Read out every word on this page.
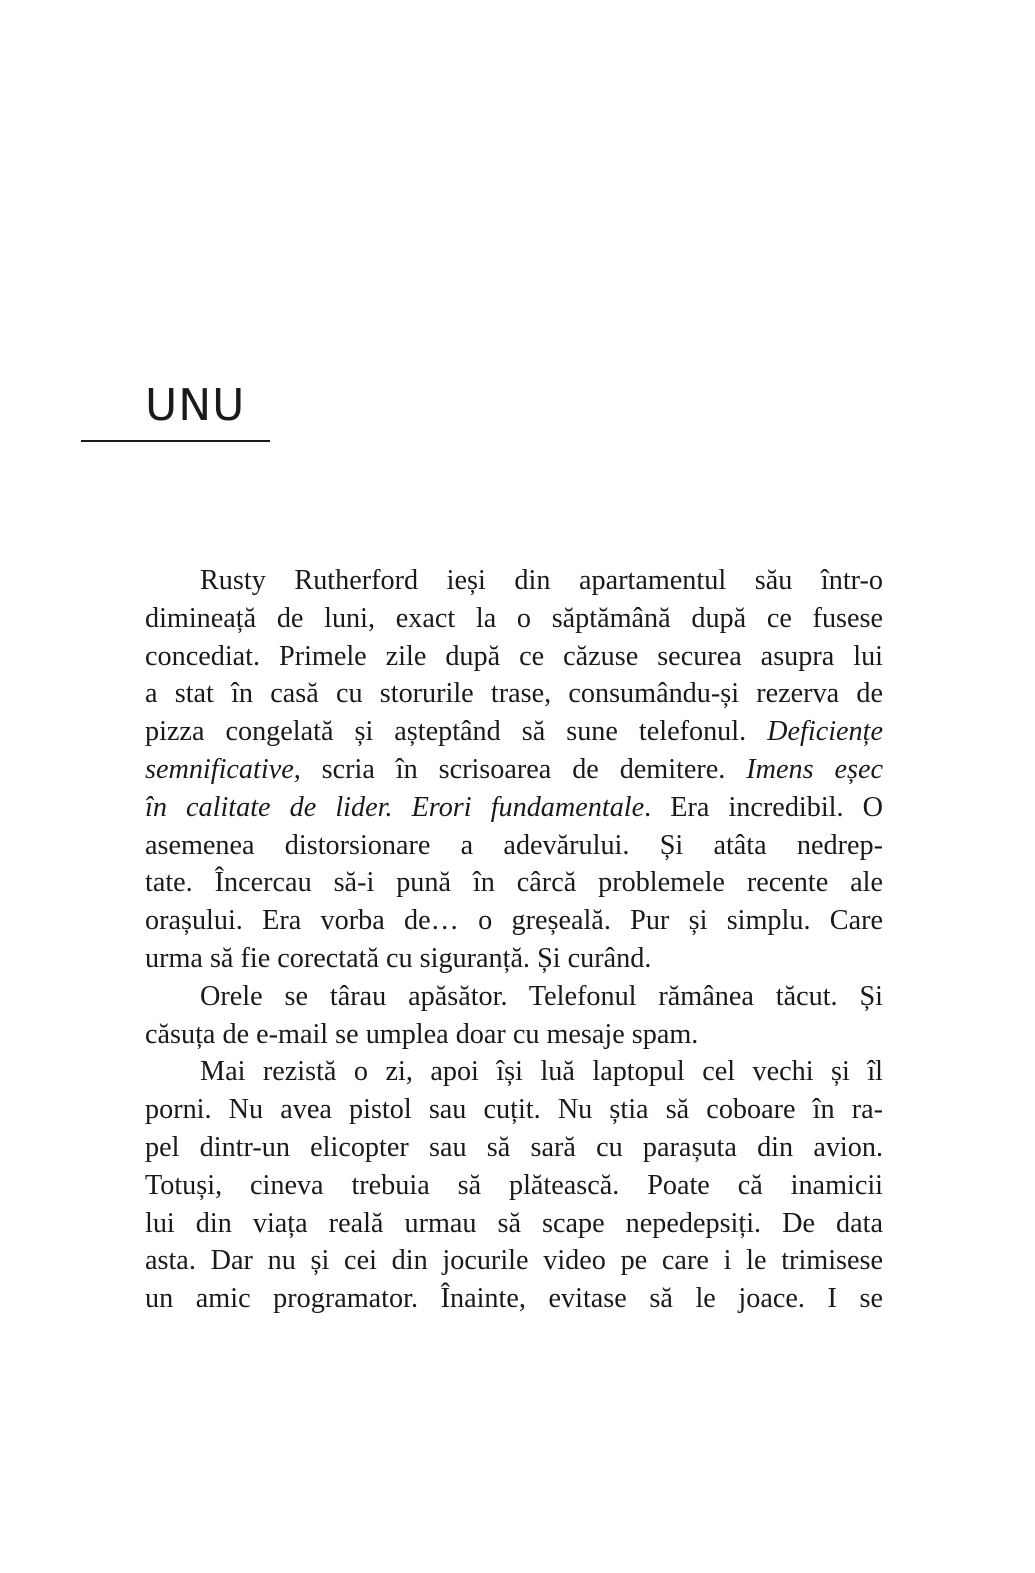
UNU
Rusty Rutherford ieși din apartamentul său într-o
dimineață de luni, exact la o săptămână după ce fusese
concediat. Primele zile după ce căzuse securea asupra lui
a stat în casă cu storurile trase, consumându-și rezerva de
pizza congelată și așteptând să sune telefonul. Deficiențe
semnificative, scria în scrisoarea de demitere. Imens eșec
în calitate de lider. Erori fundamentale. Era incredibil. O
asemenea distorsionare a adevărului. Și atâta nedrep-
tate. Încercau să-i pună în cârcă problemele recente ale
orașului. Era vorba de… o greșeală. Pur și simplu. Care
urma să fie corectată cu siguranță. Și curând.
Orele se târau apăsător. Telefonul rămânea tăcut. Și
căsuța de e-mail se umplea doar cu mesaje spam.
Mai rezistă o zi, apoi își luă laptopul cel vechi și îl
porni. Nu avea pistol sau cuțit. Nu știa să coboare în ra-
pel dintr-un elicopter sau să sară cu parașuta din avion.
Totuși, cineva trebuia să plătească. Poate că inamicii
lui din viața reală urmau să scape nepedepsiți. De data
asta. Dar nu și cei din jocurile video pe care i le trimisese
un amic programator. Înainte, evitase să le joace. I se
